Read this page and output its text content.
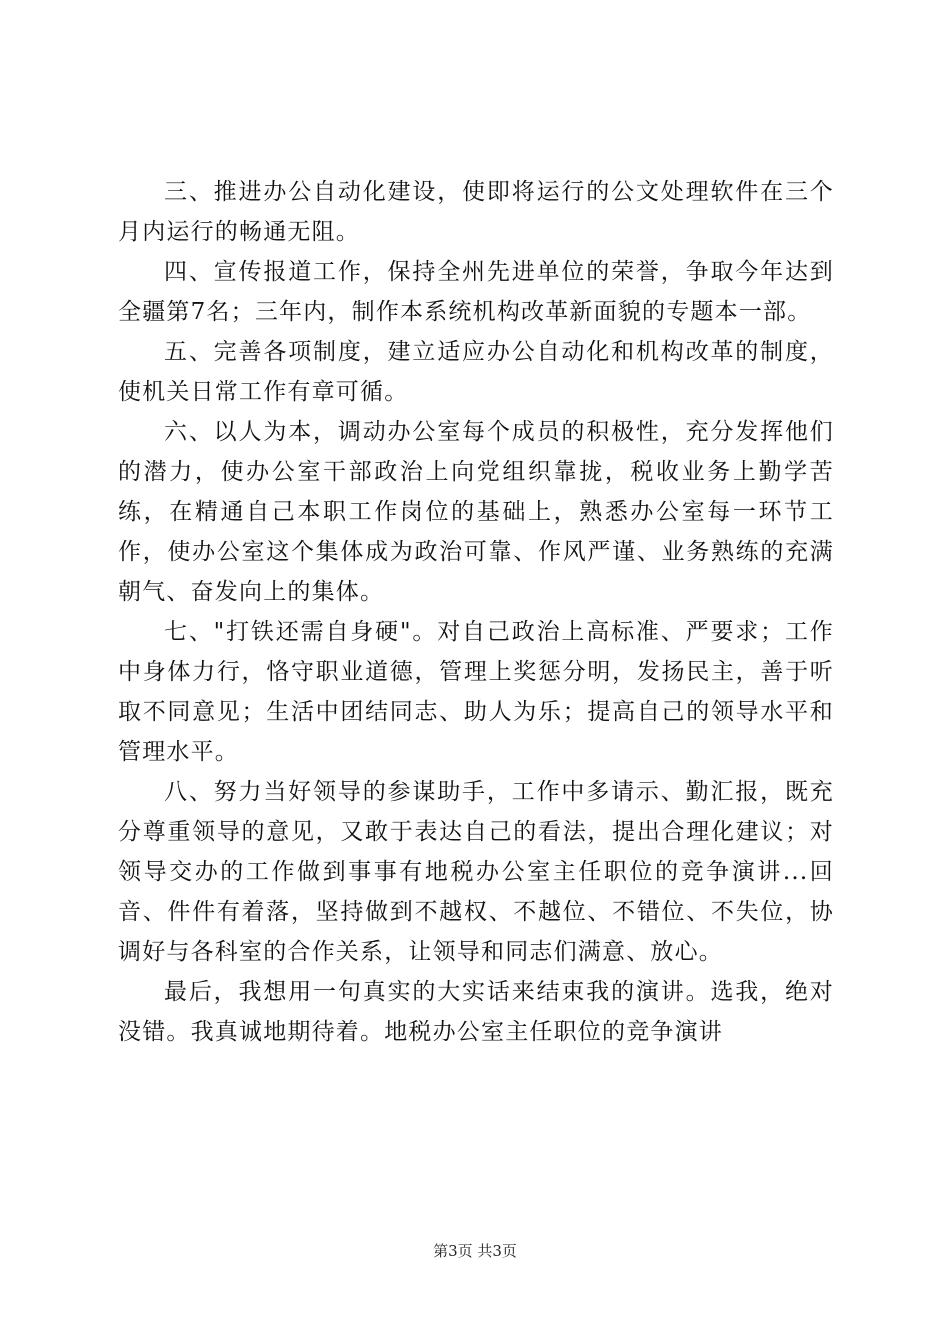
三、推进办公自动化建设，使即将运行的公文处理软件在三个月内运行的畅通无阻。

四、宣传报道工作，保持全州先进单位的荣誉，争取今年达到全疆第7名；三年内，制作本系统机构改革新面貌的专题本一部。

五、完善各项制度，建立适应办公自动化和机构改革的制度，使机关日常工作有章可循。

六、以人为本，调动办公室每个成员的积极性，充分发挥他们的潜力，使办公室干部政治上向党组织靠拢，税收业务上勤学苦练，在精通自己本职工作岗位的基础上，熟悉办公室每一环节工作，使办公室这个集体成为政治可靠、作风严谨、业务熟练的充满朝气、奋发向上的集体。

七、"打铁还需自身硬"。对自己政治上高标准、严要求；工作中身体力行，恪守职业道德，管理上奖惩分明，发扬民主，善于听取不同意见；生活中团结同志、助人为乐；提高自己的领导水平和管理水平。

八、努力当好领导的参谋助手，工作中多请示、勤汇报，既充分尊重领导的意见，又敢于表达自己的看法，提出合理化建议；对领导交办的工作做到事事有地税办公室主任职位的竞争演讲...回音、件件有着落，坚持做到不越权、不越位、不错位、不失位，协调好与各科室的合作关系，让领导和同志们满意、放心。

最后，我想用一句真实的大实话来结束我的演讲。选我，绝对没错。我真诚地期待着。地税办公室主任职位的竞争演讲

第3页 共3页
